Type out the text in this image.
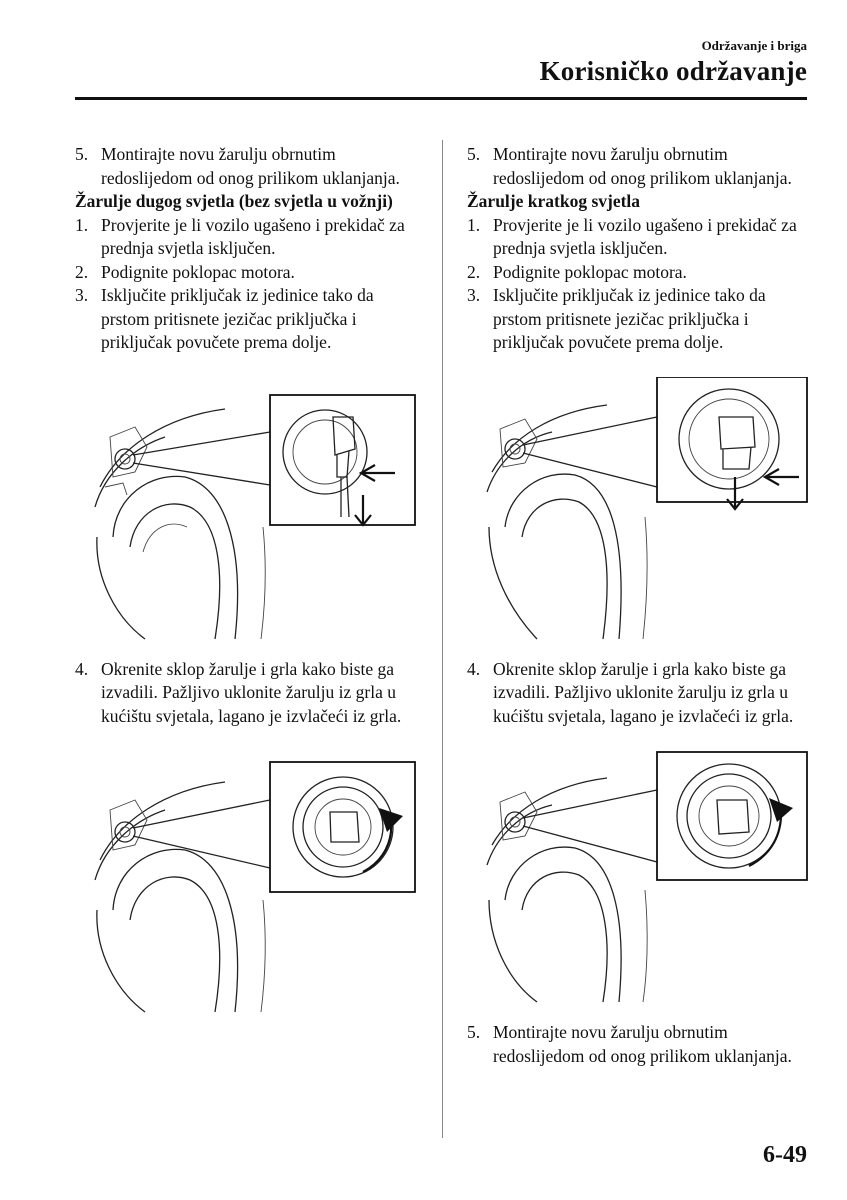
Održavanje i briga
Korisničko održavanje
5. Montirajte novu žarulju obrnutim redoslijedom od onog prilikom uklanjanja.
Žarulje dugog svjetla (bez svjetla u vožnji)
1. Provjerite je li vozilo ugašeno i prekidač za prednja svjetla isključen.
2. Podignite poklopac motora.
3. Isključite priključak iz jedinice tako da prstom pritisnete jezičac priključka i priključak povučete prema dolje.
4. Okrenite sklop žarulje i grla kako biste ga izvadili. Pažljivo uklonite žarulju iz grla u kućištu svjetala, lagano je izvlačeći iz grla.
5. Montirajte novu žarulju obrnutim redoslijedom od onog prilikom uklanjanja.
Žarulje kratkog svjetla
1. Provjerite je li vozilo ugašeno i prekidač za prednja svjetla isključen.
2. Podignite poklopac motora.
3. Isključite priključak iz jedinice tako da prstom pritisnete jezičac priključka i priključak povučete prema dolje.
4. Okrenite sklop žarulje i grla kako biste ga izvadili. Pažljivo uklonite žarulju iz grla u kućištu svjetala, lagano je izvlačeći iz grla.
5. Montirajte novu žarulju obrnutim redoslijedom od onog prilikom uklanjanja.
6-49
